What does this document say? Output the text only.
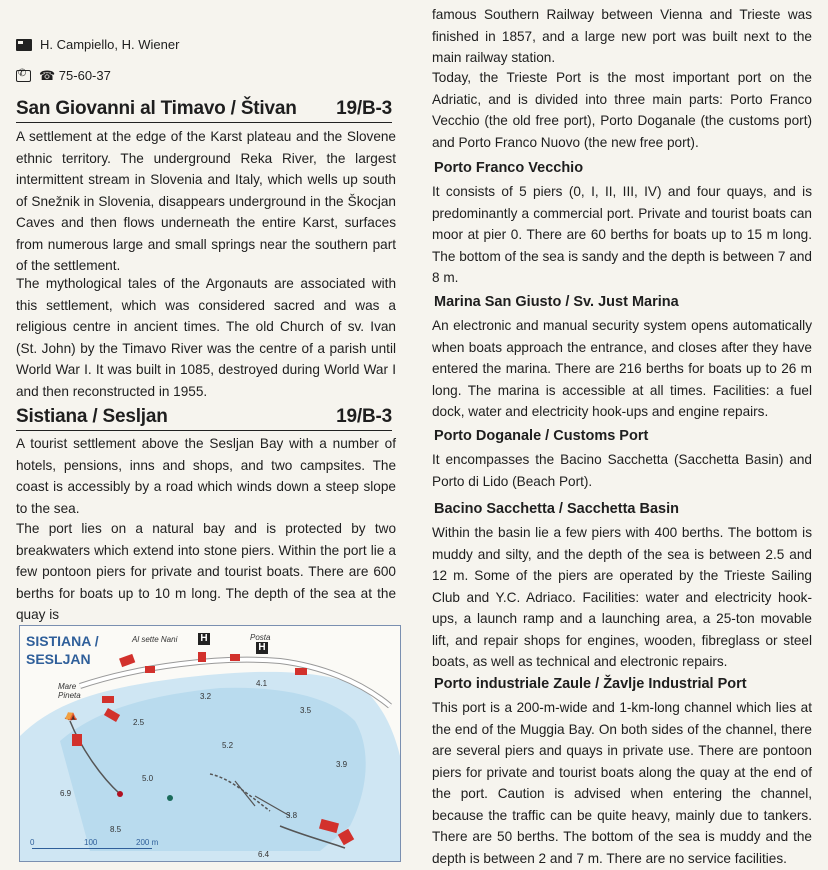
H. Campiello, H. Wiener
✆
☎ 75-60-37
San Giovanni al Timavo / Štivan 19/B-3

A settlement at the edge of the Karst plateau and the Slovene ethnic territory. The underground Reka River, the largest intermittent stream in Slovenia and Italy, which wells up south of Snežnik in Slovenia, disappears underground in the Škocjan Caves and then flows underneath the entire Karst, surfaces from numerous large and small springs near the southern part of the settlement.

The mythological tales of the Argonauts are associated with this settlement, which was considered sacred and was a religious centre in ancient times. The old Church of sv. Ivan (St. John) by the Timavo River was the centre of a parish until World War I. It was built in 1085, destroyed during World War I and then reconstructed in 1955.

Sistiana / Sesljan	19/B-3

A tourist settlement above the Sesljan Bay with a number of hotels, pensions, inns and shops, and two campsites. The coast is accessibly by a road which winds down a steep slope to the sea.

The port lies on a natural bay and is protected by two breakwaters which extend into stone piers. Within the port lie a few pontoon piers for private and tourist boats. There are 600 berths for boats up to 10 m long. The depth of the sea at the quay is

SISTIANA /
SESLJAN
Al sette Nani H	Posta
H
Mare Pineta
⛺
3.2
4.1
3.5
2.5
5.2
3.9
5.0
6.9
3.8
8.5
6.4
0	100	200 m

famous Southern Railway between Vienna and Trieste was finished in 1857, and a large new port was built next to the main railway station.

Today, the Trieste Port is the most important port on the Adriatic, and is divided into three main parts: Porto Franco Vecchio (the old free port), Porto Doganale (the customs port) and Porto Franco Nuovo (the new free port).

Porto Franco Vecchio

It consists of 5 piers (0, I, II, III, IV) and four quays, and is predominantly a commercial port. Private and tourist boats can moor at pier 0. There are 60 berths for boats up to 15 m long. The bottom of the sea is sandy and the depth is between 7 and 8 m.

Marina San Giusto / Sv. Just Marina

An electronic and manual security system opens automatically when boats approach the entrance, and closes after they have entered the marina. There are 216 berths for boats up to 26 m long. The marina is accessible at all times. Facilities: a fuel dock, water and electricity hook-ups and engine repairs.

Porto Doganale / Customs Port

It encompasses the Bacino Sacchetta (Sacchetta Basin) and Porto di Lido (Beach Port).

Bacino Sacchetta / Sacchetta Basin

Within the basin lie a few piers with 400 berths. The bottom is muddy and silty, and the depth of the sea is between 2.5 and 12 m. Some of the piers are operated by the Trieste Sailing Club and Y.C. Adriaco. Facilities: water and electricity hook-ups, a launch ramp and a launching area, a 25-ton movable lift, and repair shops for engines, wooden, fibreglass or steel boats, as well as technical and electronic repairs.

Porto industriale Zaule / Žavlje Industrial Port

This port is a 200-m-wide and 1-km-long channel which lies at the end of the Muggia Bay. On both sides of the channel, there are several piers and quays in private use. There are pontoon piers for private and tourist boats along the quay at the end of the port. Caution is advised when entering the channel, because the traffic can be quite heavy, mainly due to tankers. There are 50 berths. The bottom of the sea is muddy and the depth is between 2 and 7 m. There are no service facilities.
